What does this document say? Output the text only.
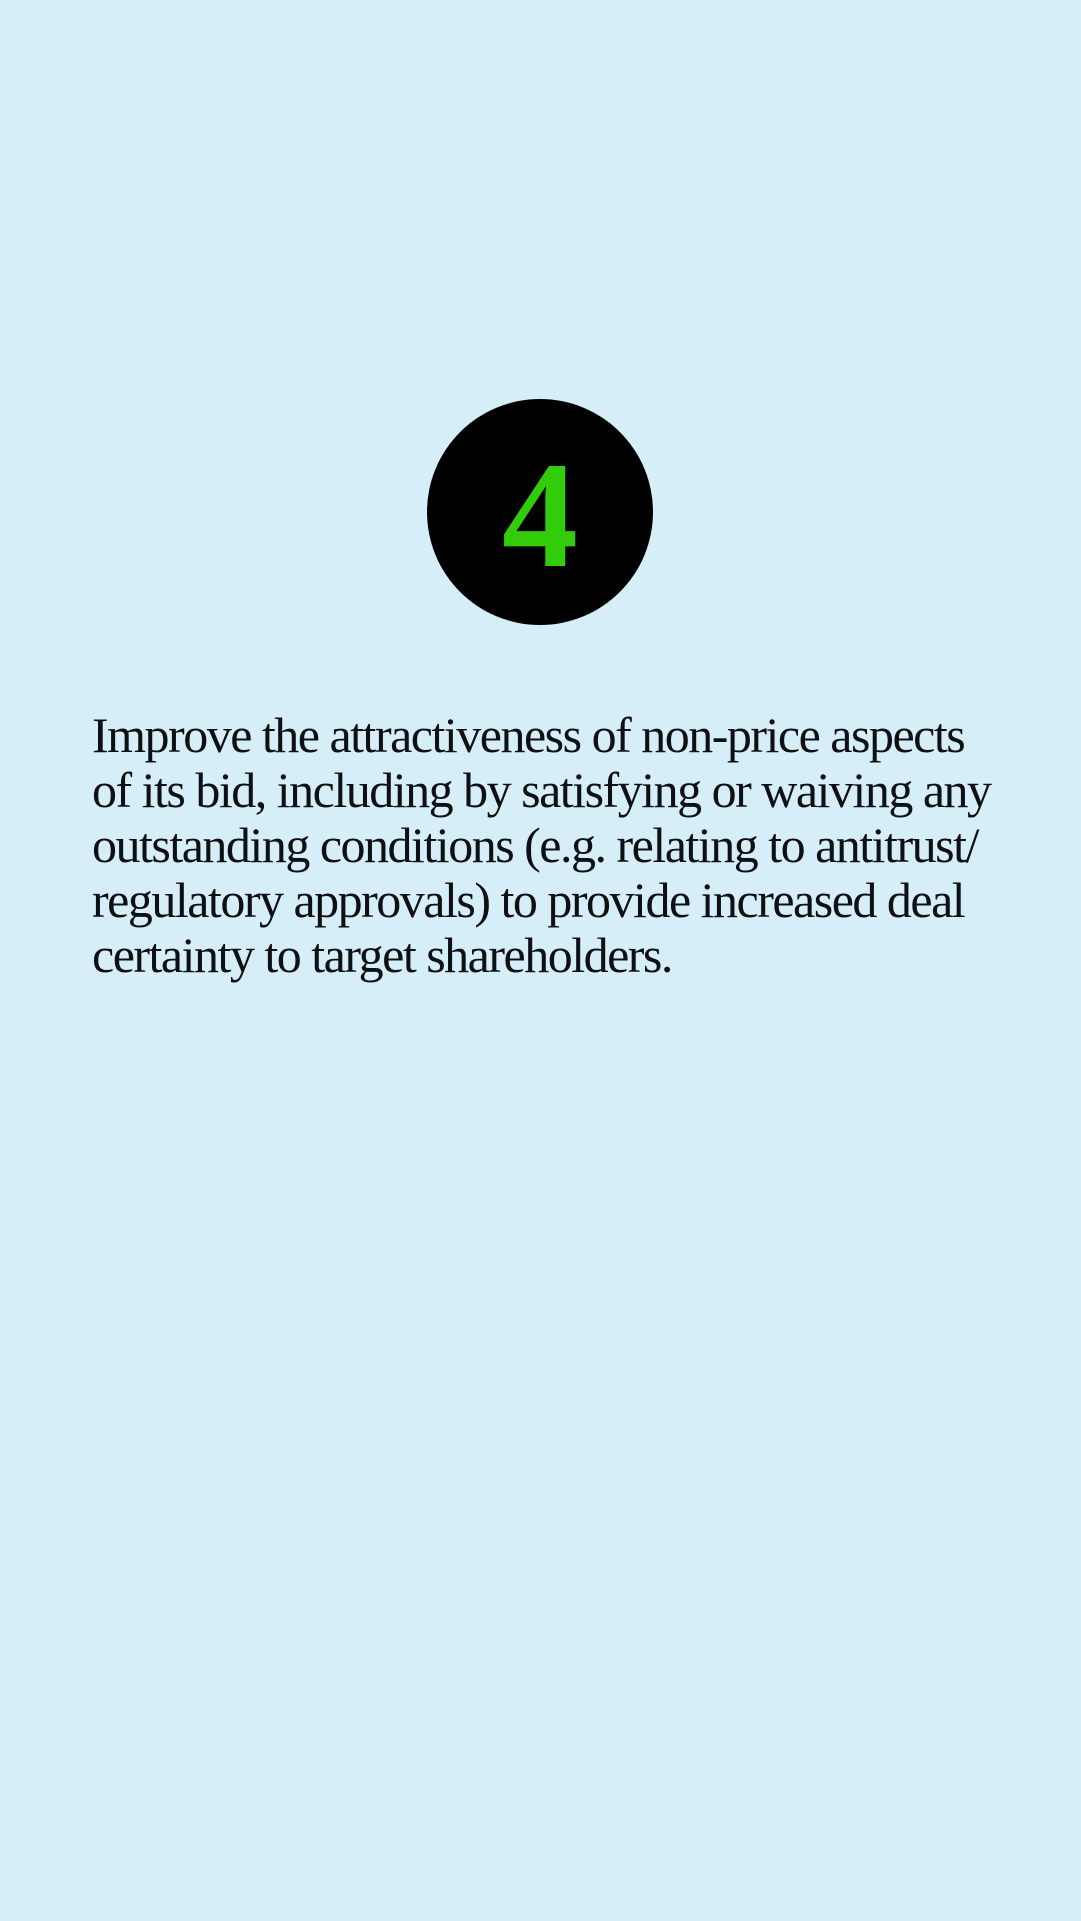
4
Improve the attractiveness of non-price aspects
of its bid, including by satisfying or waiving any
outstanding conditions (e.g. relating to antitrust/
regulatory approvals) to provide increased deal
certainty to target shareholders.
